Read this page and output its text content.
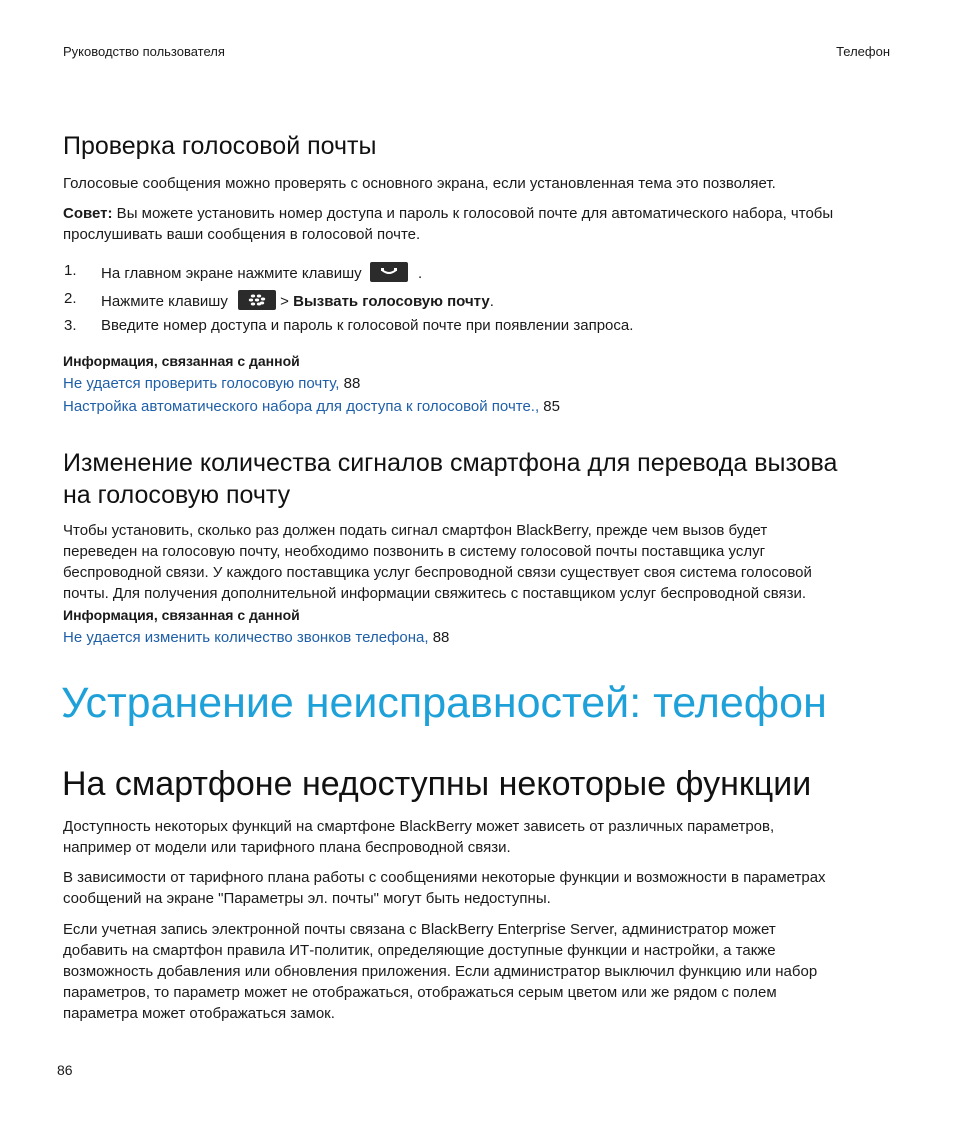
Руководство пользователя	Телефон
Проверка голосовой почты

Голосовые сообщения можно проверять с основного экрана, если установленная тема это позволяет.

Совет: Вы можете установить номер доступа и пароль к голосовой почте для автоматического набора, чтобы
прослушивать ваши сообщения в голосовой почте.

1. На главном экране нажмите клавишу	.
2. Нажмите клавишу	> Вызвать голосовую почту.
3. Введите номер доступа и пароль к голосовой почте при появлении запроса.
Информация, связанная с данной
Не удается проверить голосовую почту, 88
Настройка автоматического набора для доступа к голосовой почте., 85
Изменение количества сигналов смартфона для перевода вызова
на голосовую почту
Чтобы установить, сколько раз должен подать сигнал смартфон BlackBerry, прежде чем вызов будет
переведен на голосовую почту, необходимо позвонить в систему голосовой почты поставщика услуг
беспроводной связи. У каждого поставщика услуг беспроводной связи существует своя система голосовой
почты. Для получения дополнительной информации свяжитесь с поставщиком услуг беспроводной связи.
Информация, связанная с данной
Не удается изменить количество звонков телефона, 88
Устранение неисправностей: телефон
На смартфоне недоступны некоторые функции
Доступность некоторых функций на смартфоне BlackBerry может зависеть от различных параметров,
например от модели или тарифного плана беспроводной связи.
В зависимости от тарифного плана работы с сообщениями некоторые функции и возможности в параметрах
сообщений на экране "Параметры эл. почты" могут быть недоступны.
Если учетная запись электронной почты связана с BlackBerry Enterprise Server, администратор может
добавить на смартфон правила ИТ-политик, определяющие доступные функции и настройки, а также
возможность добавления или обновления приложения. Если администратор выключил функцию или набор
параметров, то параметр может не отображаться, отображаться серым цветом или же рядом с полем
параметра может отображаться замок.
86
